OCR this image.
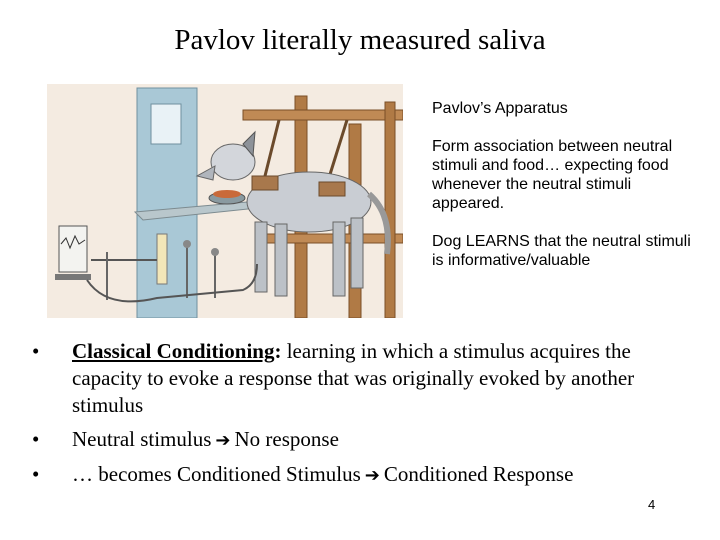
Pavlov literally measured saliva

Pavlov’s Apparatus

Form association between neutral stimuli and food… expecting food whenever the neutral stimuli appeared.

Dog LEARNS that the neutral stimuli is informative/valuable

•	Classical Conditioning: learning in which a stimulus acquires the capacity to evoke a response that was originally evoked by another stimulus
•	Neutral stimulus ➔ No response
•	… becomes Conditioned Stimulus ➔ Conditioned Response
4
